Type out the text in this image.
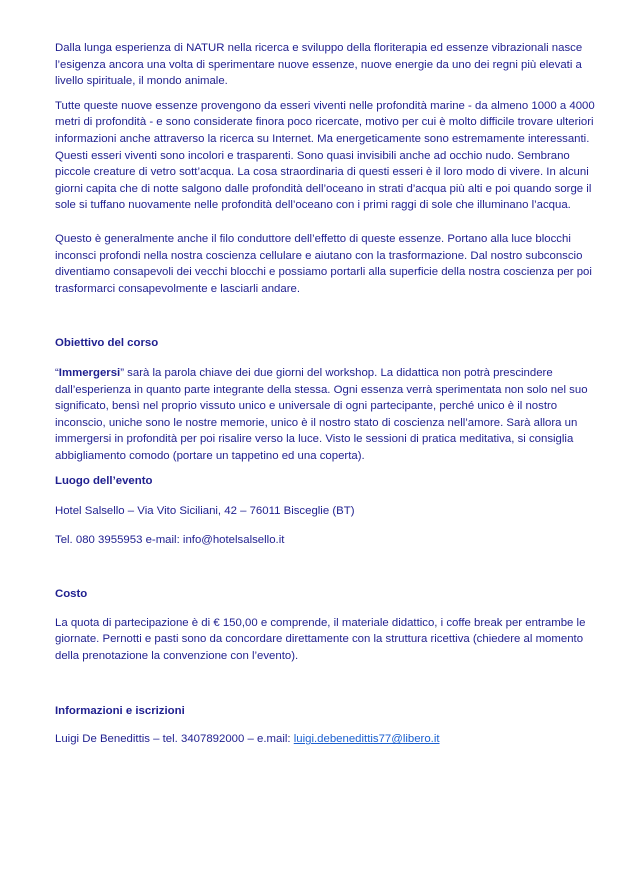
Dalla lunga esperienza di NATUR nella ricerca e sviluppo della floriterapia ed essenze vibrazionali nasce l’esigenza ancora una volta di sperimentare nuove essenze, nuove energie da uno dei regni più elevati a livello spirituale, il mondo animale.

Tutte queste nuove essenze provengono da esseri viventi nelle profondità marine - da almeno 1000 a 4000 metri di profondità - e sono considerate finora poco ricercate, motivo per cui è molto difficile trovare ulteriori informazioni anche attraverso la ricerca su Internet. Ma energeticamente sono estremamente interessanti. Questi esseri viventi sono incolori e trasparenti. Sono quasi invisibili anche ad occhio nudo. Sembrano piccole creature di vetro sott’acqua. La cosa straordinaria di questi esseri è il loro modo di vivere. In alcuni giorni capita che di notte salgono dalle profondità dell’oceano in strati d’acqua più alti e poi quando sorge il sole si tuffano nuovamente nelle profondità dell’oceano con i primi raggi di sole che illuminano l’acqua.

Questo è generalmente anche il filo conduttore dell’effetto di queste essenze. Portano alla luce blocchi inconsci profondi nella nostra coscienza cellulare e aiutano con la trasformazione. Dal nostro subconscio diventiamo consapevoli dei vecchi blocchi e possiamo portarli alla superficie della nostra coscienza per poi trasformarci consapevolmente e lasciarli andare.

Obiettivo del corso

“Immergersi” sarà la parola chiave dei due giorni del workshop. La didattica non potrà prescindere dall’esperienza in quanto parte integrante della stessa. Ogni essenza verrà sperimentata non solo nel suo significato, bensì nel proprio vissuto unico e universale di ogni partecipante, perché unico è il nostro inconscio, uniche sono le nostre memorie, unico è il nostro stato di coscienza nell’amore. Sarà allora un immergersi in profondità per poi risalire verso la luce. Visto le sessioni di pratica meditativa, si consiglia abbigliamento comodo (portare un tappetino ed una coperta).

Luogo dell’evento

Hotel Salsello – Via Vito Siciliani, 42 – 76011 Bisceglie (BT)

Tel. 080 3955953 e-mail: info@hotelsalsello.it

Costo

La quota di partecipazione è di € 150,00 e comprende, il materiale didattico, i coffe break per entrambe le giornate. Pernotti e pasti sono da concordare direttamente con la struttura ricettiva (chiedere al momento della prenotazione la convenzione con l’evento).

Informazioni e iscrizioni

Luigi De Benedittis – tel. 3407892000 – e.mail: luigi.debenedittis77@libero.it
